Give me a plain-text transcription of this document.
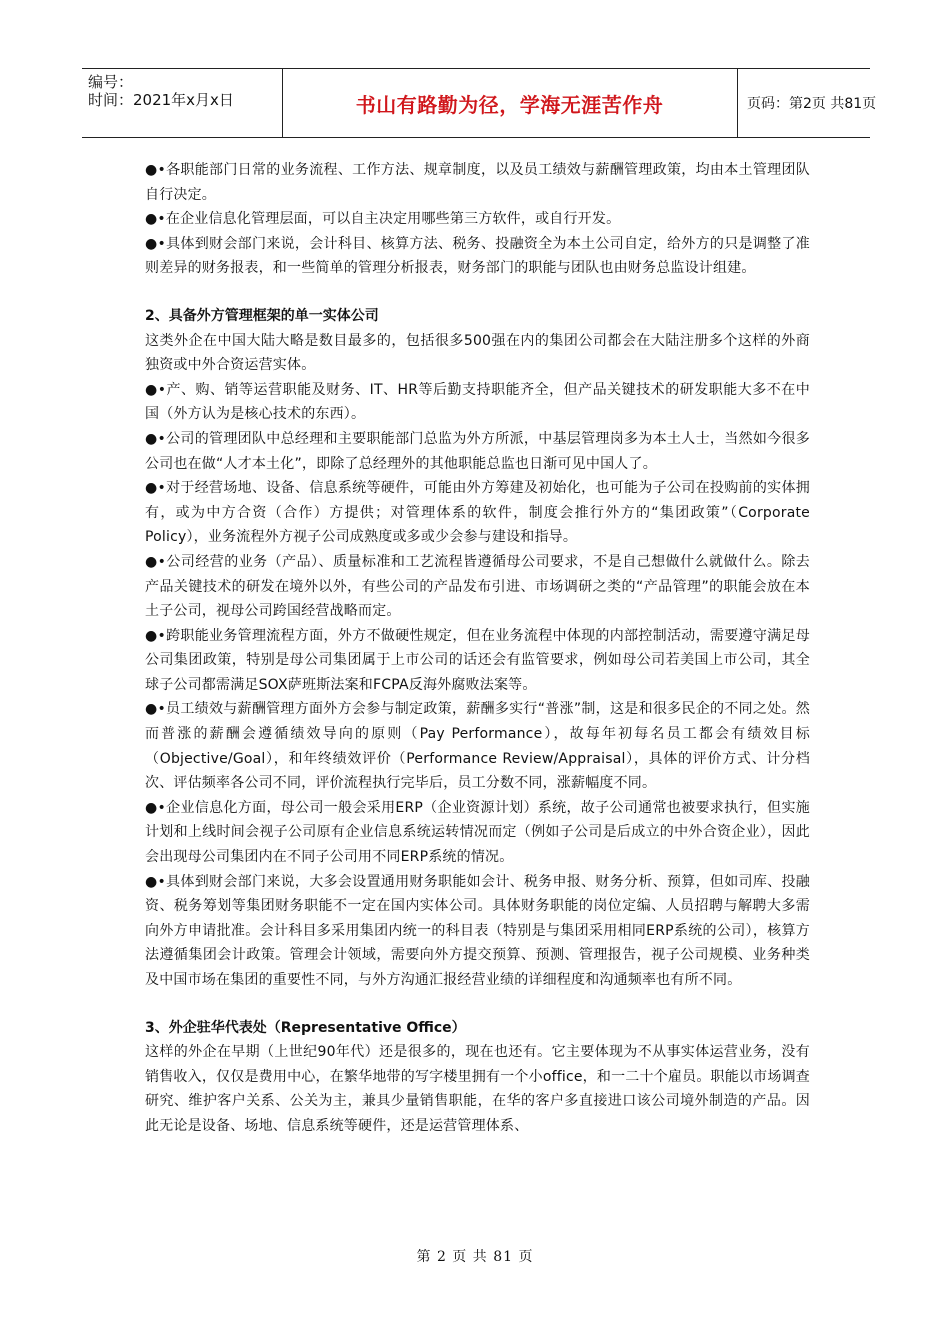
编号：
时间：2021年x月x日	书山有路勤为径，学海无涯苦作舟	页码：第2页 共81页

●•各职能部门日常的业务流程、工作方法、规章制度，以及员工绩效与薪酬管理政策，均由本土管理团队自行决定。

●•在企业信息化管理层面，可以自主决定用哪些第三方软件，或自行开发。

●•具体到财会部门来说，会计科目、核算方法、税务、投融资全为本土公司自定，给外方的只是调整了准则差异的财务报表，和一些简单的管理分析报表，财务部门的职能与团队也由财务总监设计组建。

2、具备外方管理框架的单一实体公司

这类外企在中国大陆大略是数目最多的，包括很多500强在内的集团公司都会在大陆注册多个这样的外商独资或中外合资运营实体。

●•产、购、销等运营职能及财务、IT、HR等后勤支持职能齐全，但产品关键技术的研发职能大多不在中国（外方认为是核心技术的东西）。

●•公司的管理团队中总经理和主要职能部门总监为外方所派，中基层管理岗多为本土人士，当然如今很多公司也在做“人才本土化”，即除了总经理外的其他职能总监也日渐可见中国人了。

●•对于经营场地、设备、信息系统等硬件，可能由外方筹建及初始化，也可能为子公司在投购前的实体拥有，或为中方合资（合作）方提供；对管理体系的软件，制度会推行外方的“集团政策”（Corporate Policy），业务流程外方视子公司成熟度或多或少会参与建设和指导。

●•公司经营的业务（产品）、质量标准和工艺流程皆遵循母公司要求，不是自己想做什么就做什么。除去产品关键技术的研发在境外以外，有些公司的产品发布引进、市场调研之类的“产品管理”的职能会放在本土子公司，视母公司跨国经营战略而定。

●•跨职能业务管理流程方面，外方不做硬性规定，但在业务流程中体现的内部控制活动，需要遵守满足母公司集团政策，特别是母公司集团属于上市公司的话还会有监管要求，例如母公司若美国上市公司，其全球子公司都需满足SOX萨班斯法案和FCPA反海外腐败法案等。

●•员工绩效与薪酬管理方面外方会参与制定政策，薪酬多实行“普涨”制，这是和很多民企的不同之处。然而普涨的薪酬会遵循绩效导向的原则（Pay Performance），故每年初每名员工都会有绩效目标（Objective/Goal），和年终绩效评价（Performance Review/Appraisal），具体的评价方式、计分档次、评估频率各公司不同，评价流程执行完毕后，员工分数不同，涨薪幅度不同。

●•企业信息化方面，母公司一般会采用ERP（企业资源计划）系统，故子公司通常也被要求执行，但实施计划和上线时间会视子公司原有企业信息系统运转情况而定（例如子公司是后成立的中外合资企业），因此会出现母公司集团内在不同子公司用不同ERP系统的情况。

●•具体到财会部门来说，大多会设置通用财务职能如会计、税务申报、财务分析、预算，但如司库、投融资、税务筹划等集团财务职能不一定在国内实体公司。具体财务职能的岗位定编、人员招聘与解聘大多需向外方申请批准。会计科目多采用集团内统一的科目表（特别是与集团采用相同ERP系统的公司），核算方法遵循集团会计政策。管理会计领域，需要向外方提交预算、预测、管理报告，视子公司规模、业务种类及中国市场在集团的重要性不同，与外方沟通汇报经营业绩的详细程度和沟通频率也有所不同。

3、外企驻华代表处（Representative Office）

这样的外企在早期（上世纪90年代）还是很多的，现在也还有。它主要体现为不从事实体运营业务，没有销售收入，仅仅是费用中心，在繁华地带的写字楼里拥有一个小office，和一二十个雇员。职能以市场调查研究、维护客户关系、公关为主，兼具少量销售职能，在华的客户多直接进口该公司境外制造的产品。因此无论是设备、场地、信息系统等硬件，还是运营管理体系、

第 2 页 共 81 页
